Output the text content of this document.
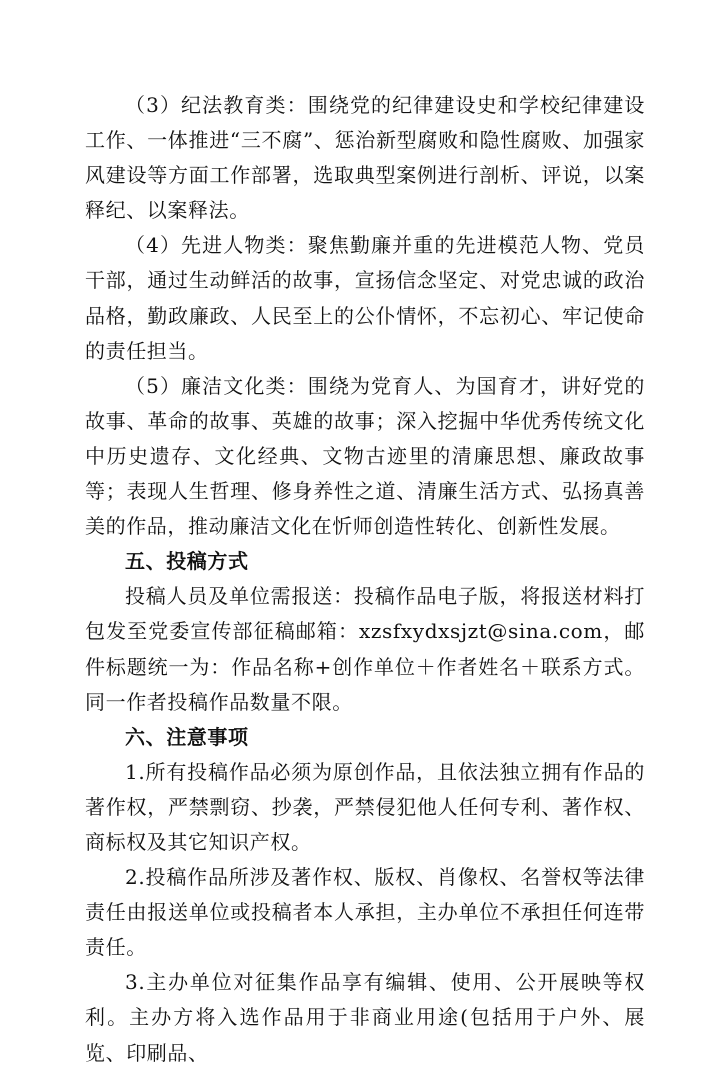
（3）纪法教育类：围绕党的纪律建设史和学校纪律建设工作、一体推进“三不腐”、惩治新型腐败和隐性腐败、加强家风建设等方面工作部署，选取典型案例进行剖析、评说，以案释纪、以案释法。

（4）先进人物类：聚焦勤廉并重的先进模范人物、党员干部，通过生动鲜活的故事，宣扬信念坚定、对党忠诚的政治品格，勤政廉政、人民至上的公仆情怀，不忘初心、牢记使命的责任担当。

（5）廉洁文化类：围绕为党育人、为国育才，讲好党的故事、革命的故事、英雄的故事；深入挖掘中华优秀传统文化中历史遗存、文化经典、文物古迹里的清廉思想、廉政故事等；表现人生哲理、修身养性之道、清廉生活方式、弘扬真善美的作品，推动廉洁文化在忻师创造性转化、创新性发展。

五、投稿方式

投稿人员及单位需报送：投稿作品电子版，将报送材料打包发至党委宣传部征稿邮箱：xzsfxydxsjzt@sina.com，邮件标题统一为：作品名称+创作单位＋作者姓名＋联系方式。同一作者投稿作品数量不限。

六、注意事项

1.所有投稿作品必须为原创作品，且依法独立拥有作品的著作权，严禁剽窃、抄袭，严禁侵犯他人任何专利、著作权、商标权及其它知识产权。

2.投稿作品所涉及著作权、版权、肖像权、名誉权等法律责任由报送单位或投稿者本人承担，主办单位不承担任何连带责任。

3.主办单位对征集作品享有编辑、使用、公开展映等权利。主办方将入选作品用于非商业用途(包括用于户外、展览、印刷品、
